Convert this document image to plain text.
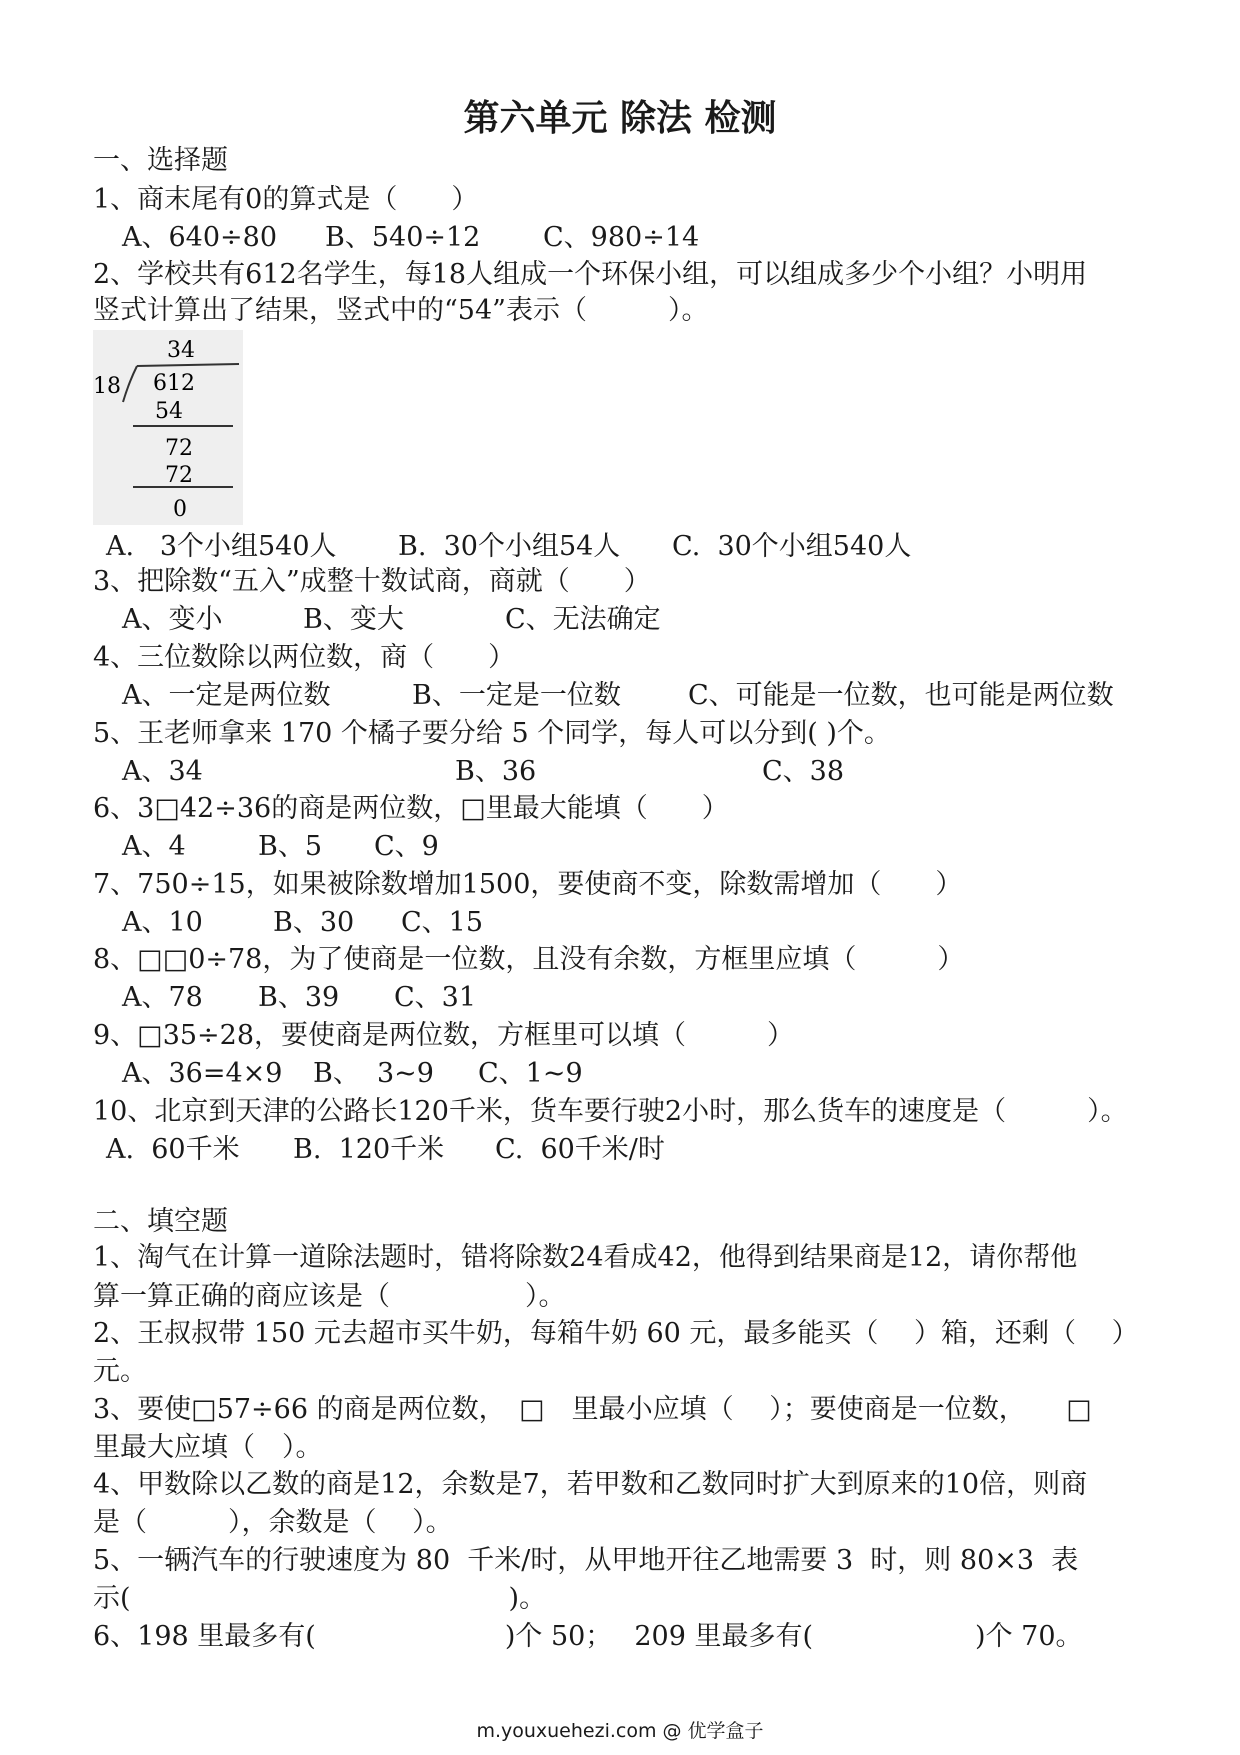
第六单元 除法 检测
一、选择题
1、商末尾有0的算式是（　　）
A、640÷80 B、540÷12 C、980÷14
2、学校共有612名学生，每18人组成一个环保小组，可以组成多少个小组？小明用
竖式计算出了结果，竖式中的“54”表示（　　　）。
34
18 612
54
72
72
0
A.   3个小组540人 B.  30个小组54人 C.  30个小组540人
3、把除数“五入”成整十数试商，商就（　　）
A、变小	B、变大	C、无法确定
4、三位数除以两位数，商（　　）
A、一定是两位数	B、一定是一位数 C、可能是一位数，也可能是两位数
5、王老师拿来 170 个橘子要分给 5 个同学，每人可以分到( )个。
A、34	B、36	C、38
6、3□42÷36的商是两位数，□里最大能填（　　）
A、4	B、5 C、9
7、750÷15，如果被除数增加1500，要使商不变，除数需增加（　　）
A、10	B、30 C、15
8、□□0÷78，为了使商是一位数，且没有余数，方框里应填（　　　）
A、78 B、39 C、31
9、□35÷28，要使商是两位数，方框里可以填（　　　）
A、36=4×9 B、  3~9 C、1~9
10、北京到天津的公路长120千米，货车要行驶2小时，那么货车的速度是（　　　）。
A.  60千米 B.  120千米 C.  60千米/时
二、填空题
1、淘气在计算一道除法题时，错将除数24看成42，他得到结果商是12，请你帮他
算一算正确的商应该是（　　　　　）。
2、王叔叔带 150 元去超市买牛奶，每箱牛奶 60 元，最多能买（　 ）箱，还剩（　 ）
元。
3、要使□57÷66 的商是两位数，　□　里最小应填（　 ）；要使商是一位数，　　□
里最大应填（　）。
4、甲数除以乙数的商是12，余数是7，若甲数和乙数同时扩大到原来的10倍，则商
是（　　　），余数是（　 ）。
5、一辆汽车的行驶速度为 80  千米/时，从甲地开往乙地需要 3  时，则 80×3  表
示(　　　　　　　　　　　　　　)。
6、198 里最多有(　　　　　　　)个 50；　 209 里最多有(　　　　　　)个 70。
m.youxuehezi.com @ 优学盒子
